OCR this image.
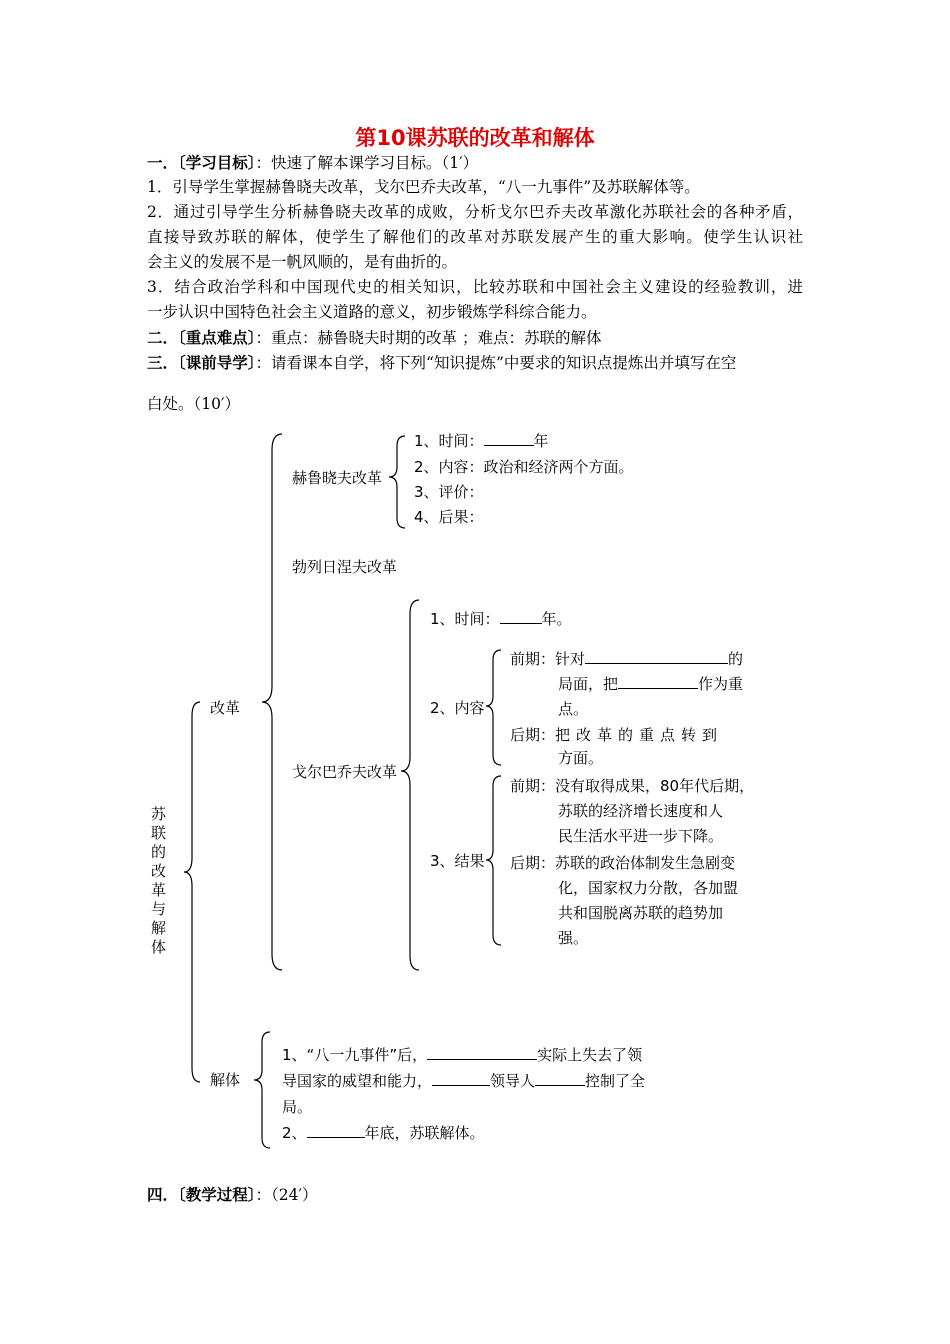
第10课苏联的改革和解体
一．〔学习目标〕：快速了解本课学习目标。（1′）
1．引导学生掌握赫鲁晓夫改革，戈尔巴乔夫改革，“八一九事件”及苏联解体等。
2．通过引导学生分析赫鲁晓夫改革的成败，分析戈尔巴乔夫改革激化苏联社会的各种矛盾，
直接导致苏联的解体，使学生了解他们的改革对苏联发展产生的重大影响。使学生认识社
会主义的发展不是一帆风顺的，是有曲折的。
3．结合政治学科和中国现代史的相关知识，比较苏联和中国社会主义建设的经验教训，进
一步认识中国特色社会主义道路的意义，初步锻炼学科综合能力。
二．〔重点难点〕：重点：赫鲁晓夫时期的改革 ；难点：苏联的解体
三．〔课前导学〕：请看课本自学，将下列“知识提炼”中要求的知识点提炼出并填写在空
白处。（10′）
苏联的改革与解体
改革
解体
赫鲁晓夫改革
1、时间：	年
2、内容：政治和经济两个方面。
3、评价：
4、后果：
勃列日涅夫改革
戈尔巴乔夫改革
1、时间：	年。
2、内容
前期：针对	的
局面，把	作为重
点。
后期：把改革的重点转到
方面。
3、结果
前期：没有取得成果，80年代后期，
苏联的经济增长速度和人
民生活水平进一步下降。
后期：苏联的政治体制发生急剧变
化，国家权力分散，各加盟
共和国脱离苏联的趋势加
强。
1、“八一九事件”后，	实际上失去了领
导国家的威望和能力，	领导人	控制了全
局。
2、	年底，苏联解体。
四．〔教学过程〕：（24′）
